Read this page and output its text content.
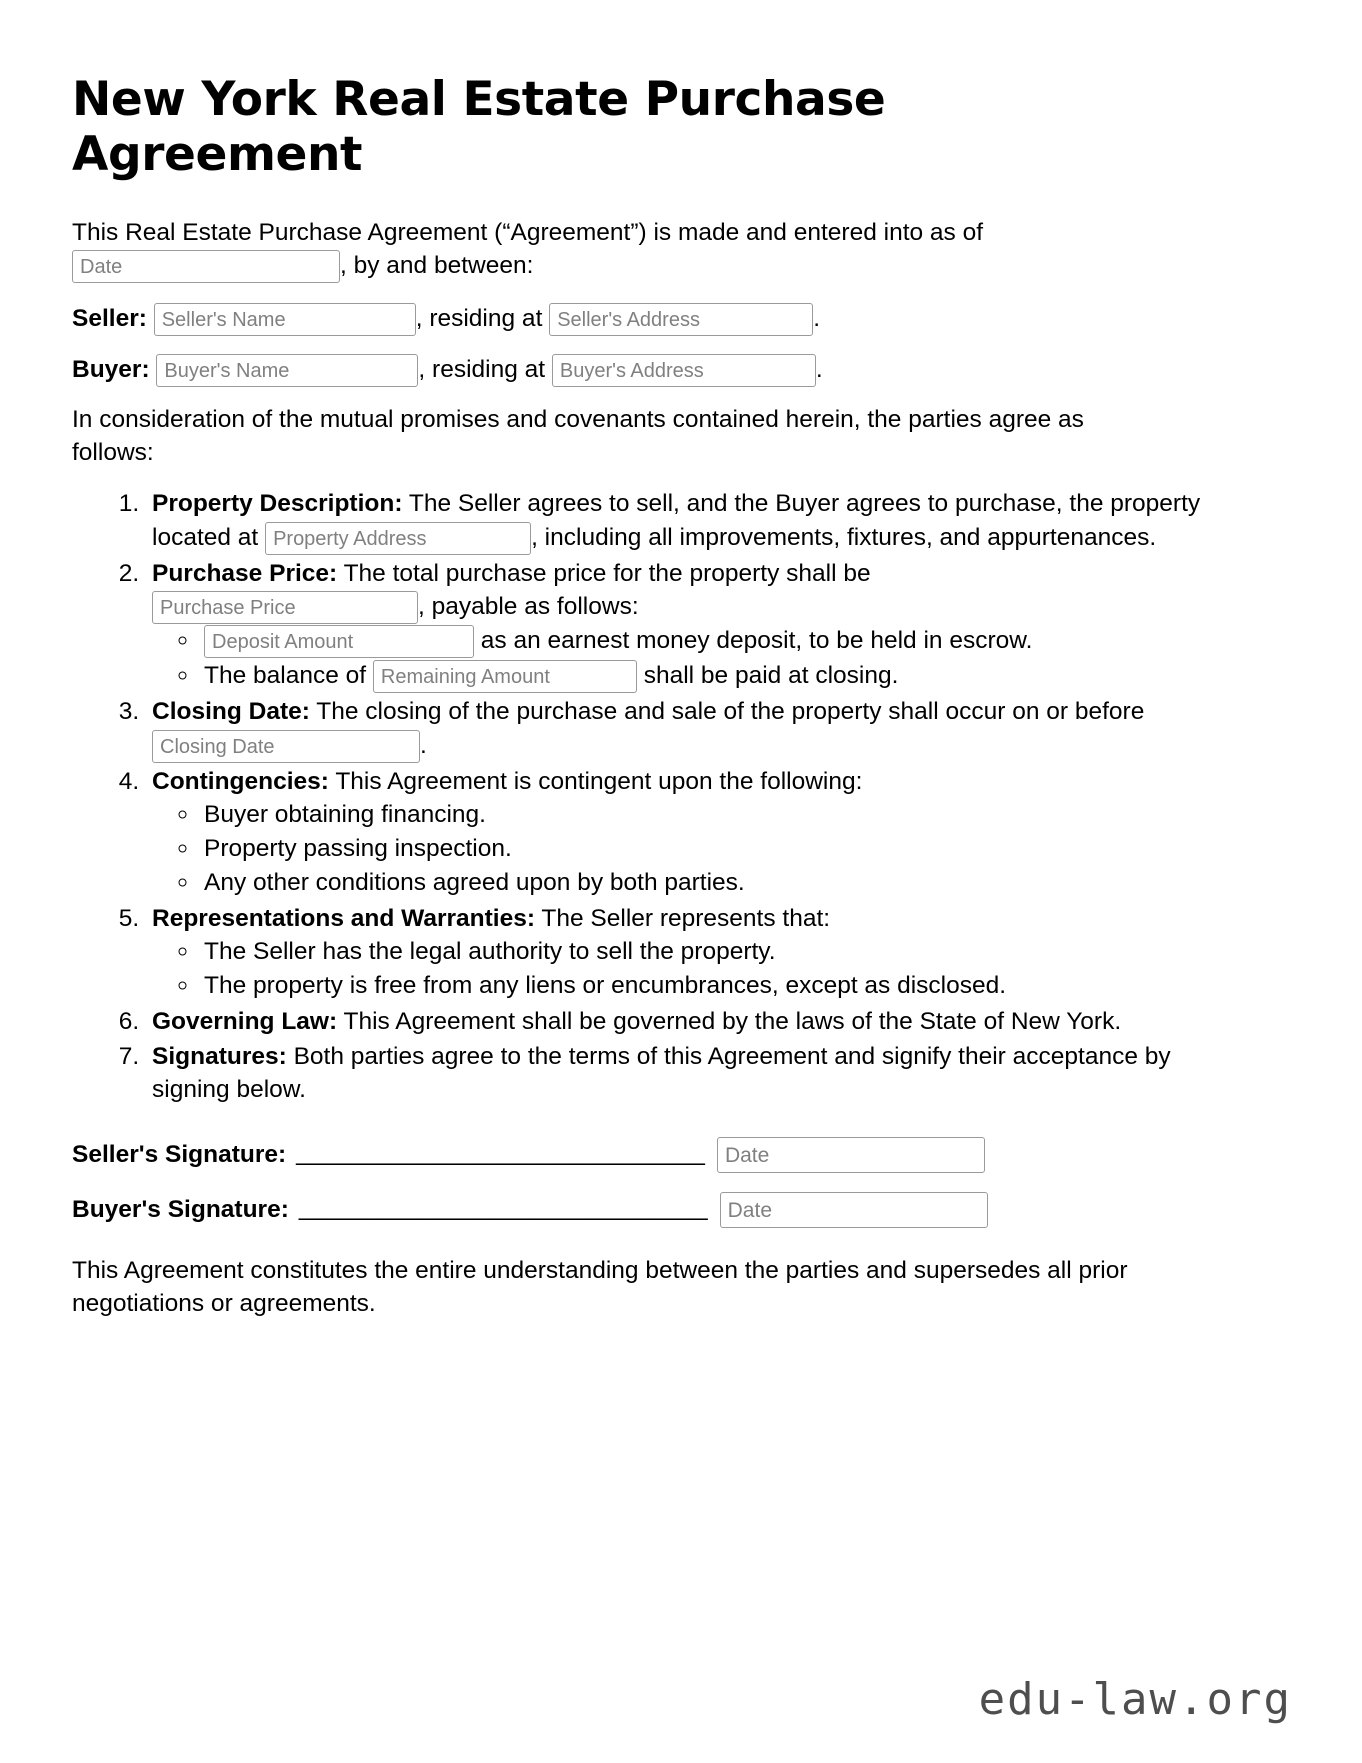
New York Real Estate Purchase Agreement

This Real Estate Purchase Agreement (“Agreement”) is made and entered into as of
Date	, by and between:

Seller: Seller's Name	, residing at Seller's Address	.
Buyer: Buyer's Name	, residing at Buyer's Address	.

In consideration of the mutual promises and covenants contained herein, the parties agree as follows:

1. Property Description: The Seller agrees to sell, and the Buyer agrees to purchase, the property located at Property Address	, including all improvements, fixtures, and appurtenances.
2. Purchase Price: The total purchase price for the property shall be
Purchase Price	, payable as follows:
◦ Deposit Amount	as an earnest money deposit, to be held in escrow.
◦ The balance of Remaining Amount	shall be paid at closing.
3. Closing Date: The closing of the purchase and sale of the property shall occur on or before Closing Date	.
4. Contingencies: This Agreement is contingent upon the following:
◦ Buyer obtaining financing.
◦ Property passing inspection.
◦ Any other conditions agreed upon by both parties.
5. Representations and Warranties: The Seller represents that:
◦ The Seller has the legal authority to sell the property.
◦ The property is free from any liens or encumbrances, except as disclosed.
6. Governing Law: This Agreement shall be governed by the laws of the State of New York.
7. Signatures: Both parties agree to the terms of this Agreement and signify their acceptance by signing below.
Seller's Signature: ______________________________ Date
Buyer's Signature: ______________________________ Date

This Agreement constitutes the entire understanding between the parties and supersedes all prior negotiations or agreements.

edu-law.org
